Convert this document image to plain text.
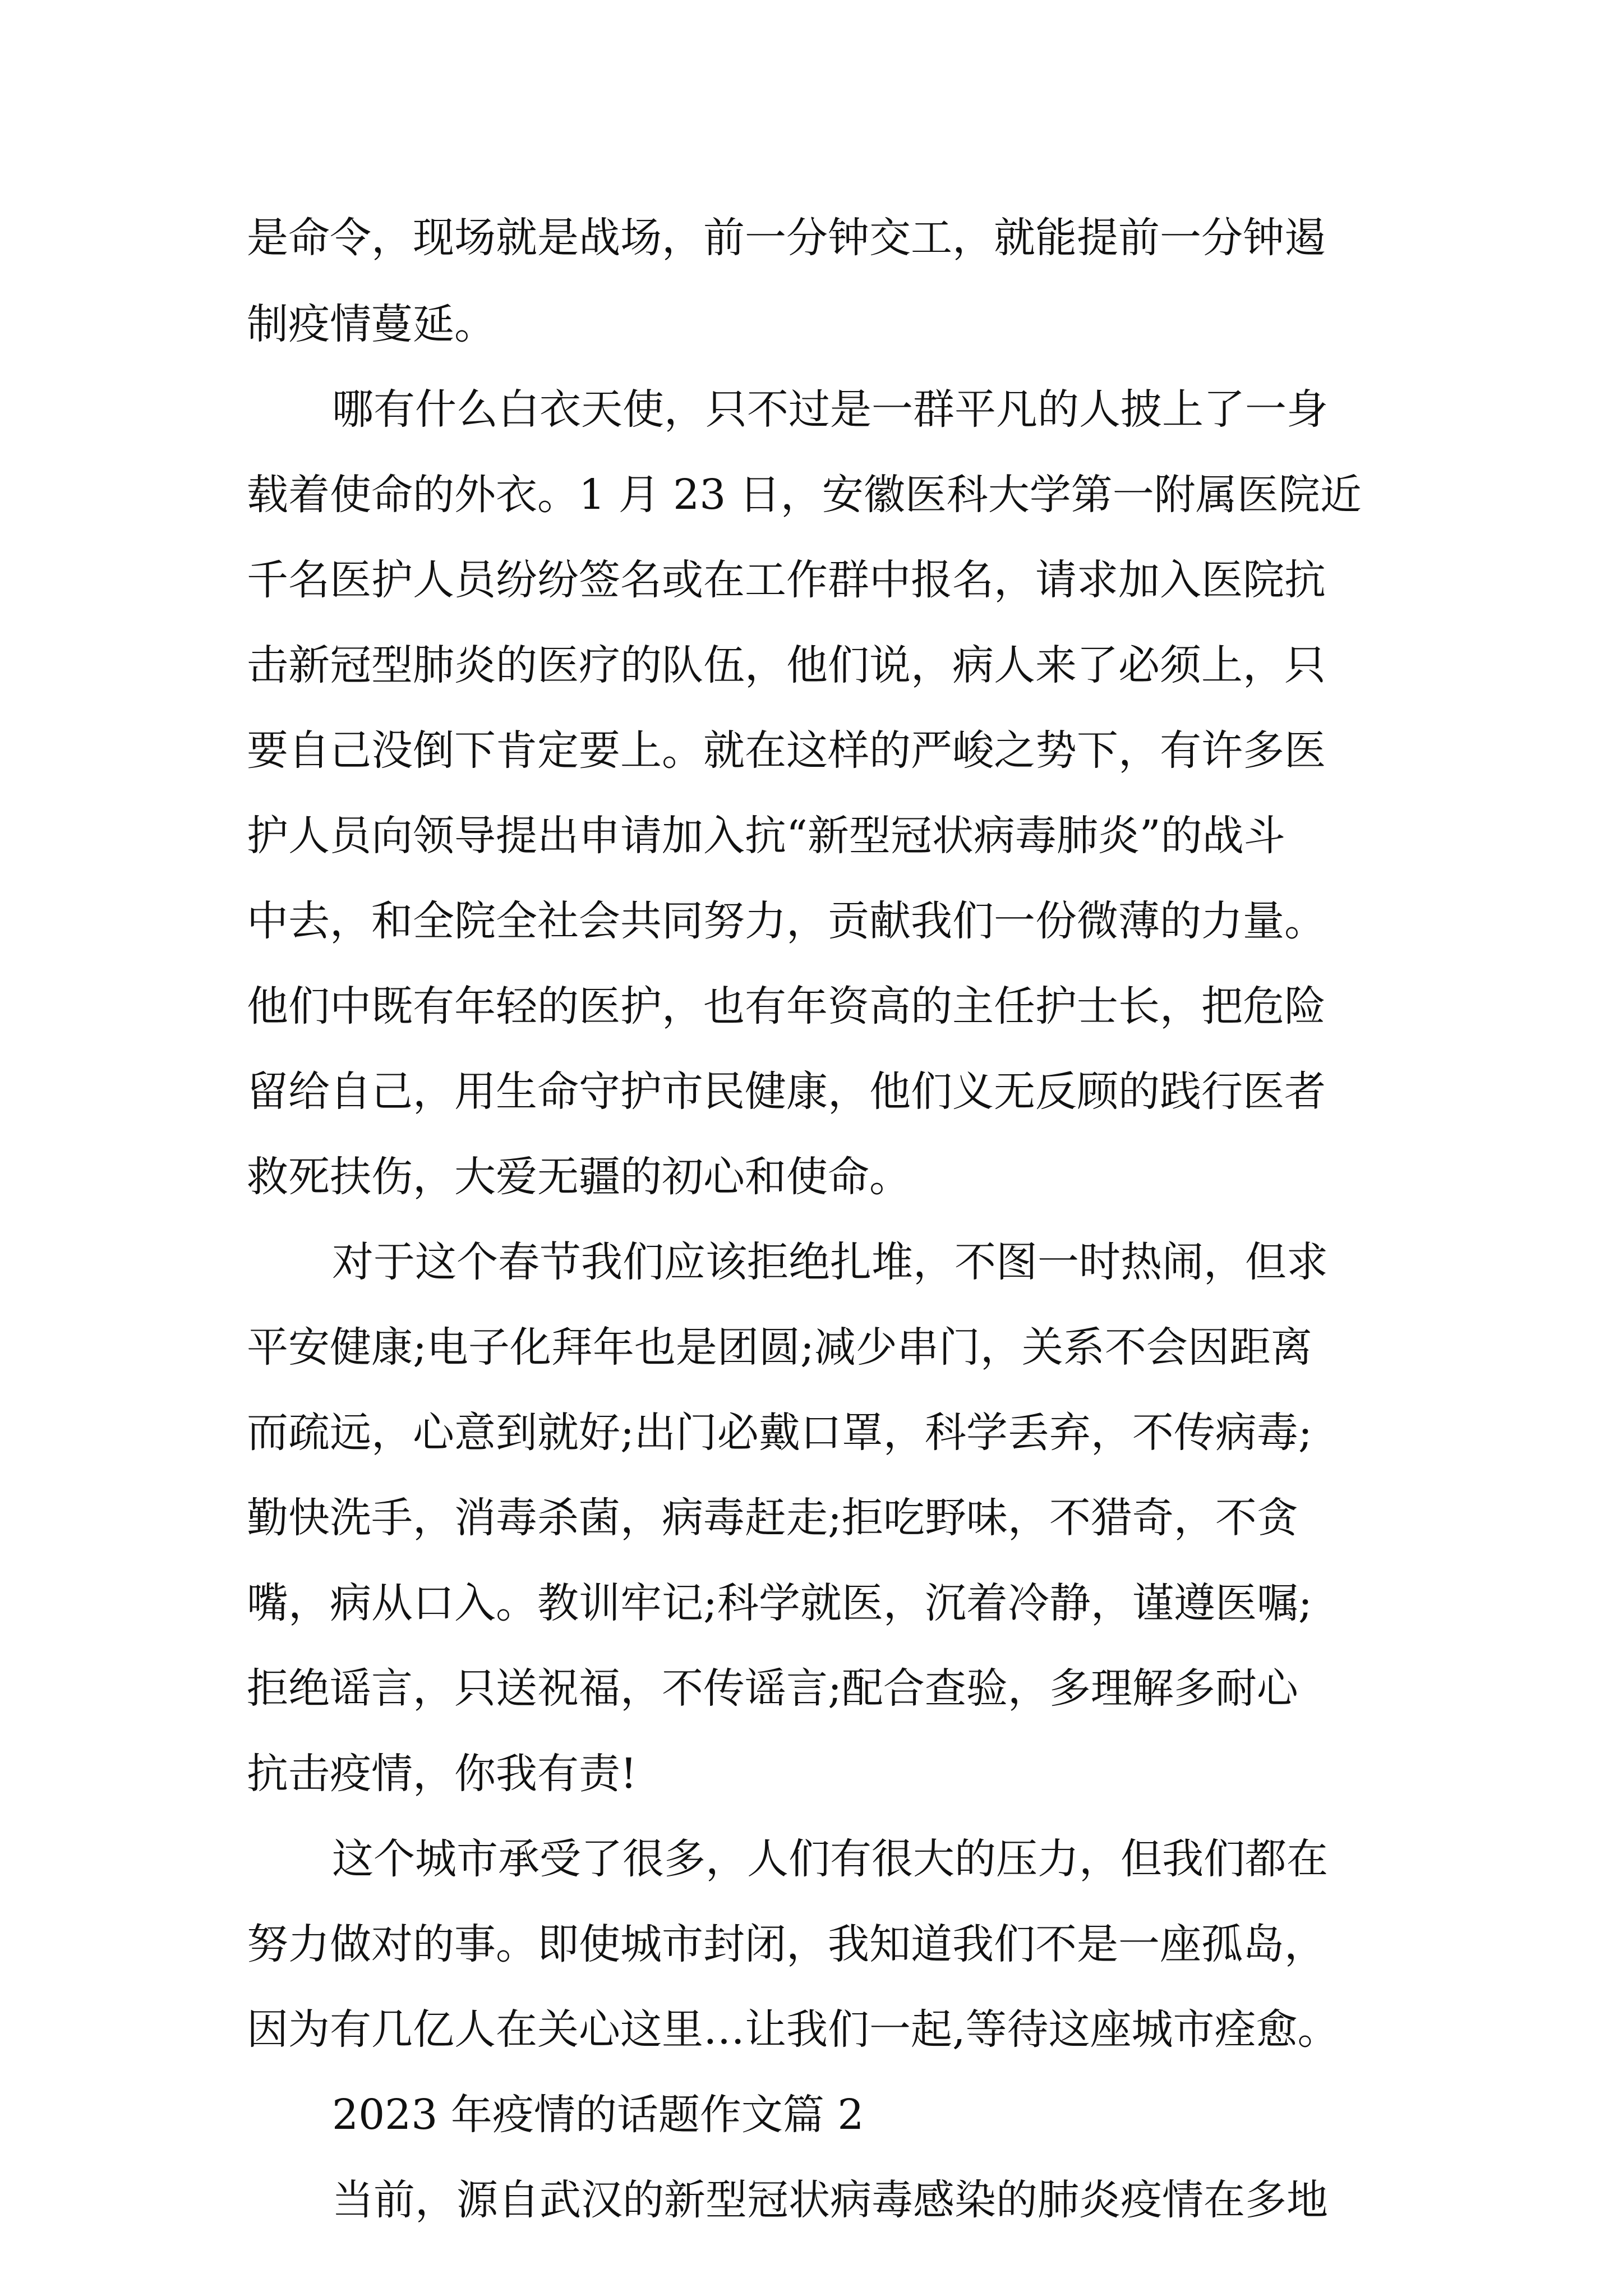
是命令，现场就是战场，前一分钟交工，就能提前一分钟遏
制疫情蔓延。
哪有什么白衣天使，只不过是一群平凡的人披上了一身
载着使命的外衣。1 月 23 日，安徽医科大学第一附属医院近
千名医护人员纷纷签名或在工作群中报名，请求加入医院抗
击新冠型肺炎的医疗的队伍，他们说，病人来了必须上，只
要自己没倒下肯定要上。就在这样的严峻之势下，有许多医
护人员向领导提出申请加入抗“新型冠状病毒肺炎”的战斗
中去，和全院全社会共同努力，贡献我们一份微薄的力量。
他们中既有年轻的医护，也有年资高的主任护士长，把危险
留给自己，用生命守护市民健康，他们义无反顾的践行医者
救死扶伤，大爱无疆的初心和使命。
对于这个春节我们应该拒绝扎堆，不图一时热闹，但求
平安健康;电子化拜年也是团圆;减少串门，关系不会因距离
而疏远，心意到就好;出门必戴口罩，科学丢弃，不传病毒;
勤快洗手，消毒杀菌，病毒赶走;拒吃野味，不猎奇，不贪
嘴，病从口入。教训牢记;科学就医，沉着冷静，谨遵医嘱;
拒绝谣言，只送祝福，不传谣言;配合查验，多理解多耐心
抗击疫情，你我有责!
这个城市承受了很多，人们有很大的压力，但我们都在
努力做对的事。即使城市封闭，我知道我们不是一座孤岛，
因为有几亿人在关心这里…让我们一起,等待这座城市痊愈。
2023 年疫情的话题作文篇 2
当前，源自武汉的新型冠状病毒感染的肺炎疫情在多地
